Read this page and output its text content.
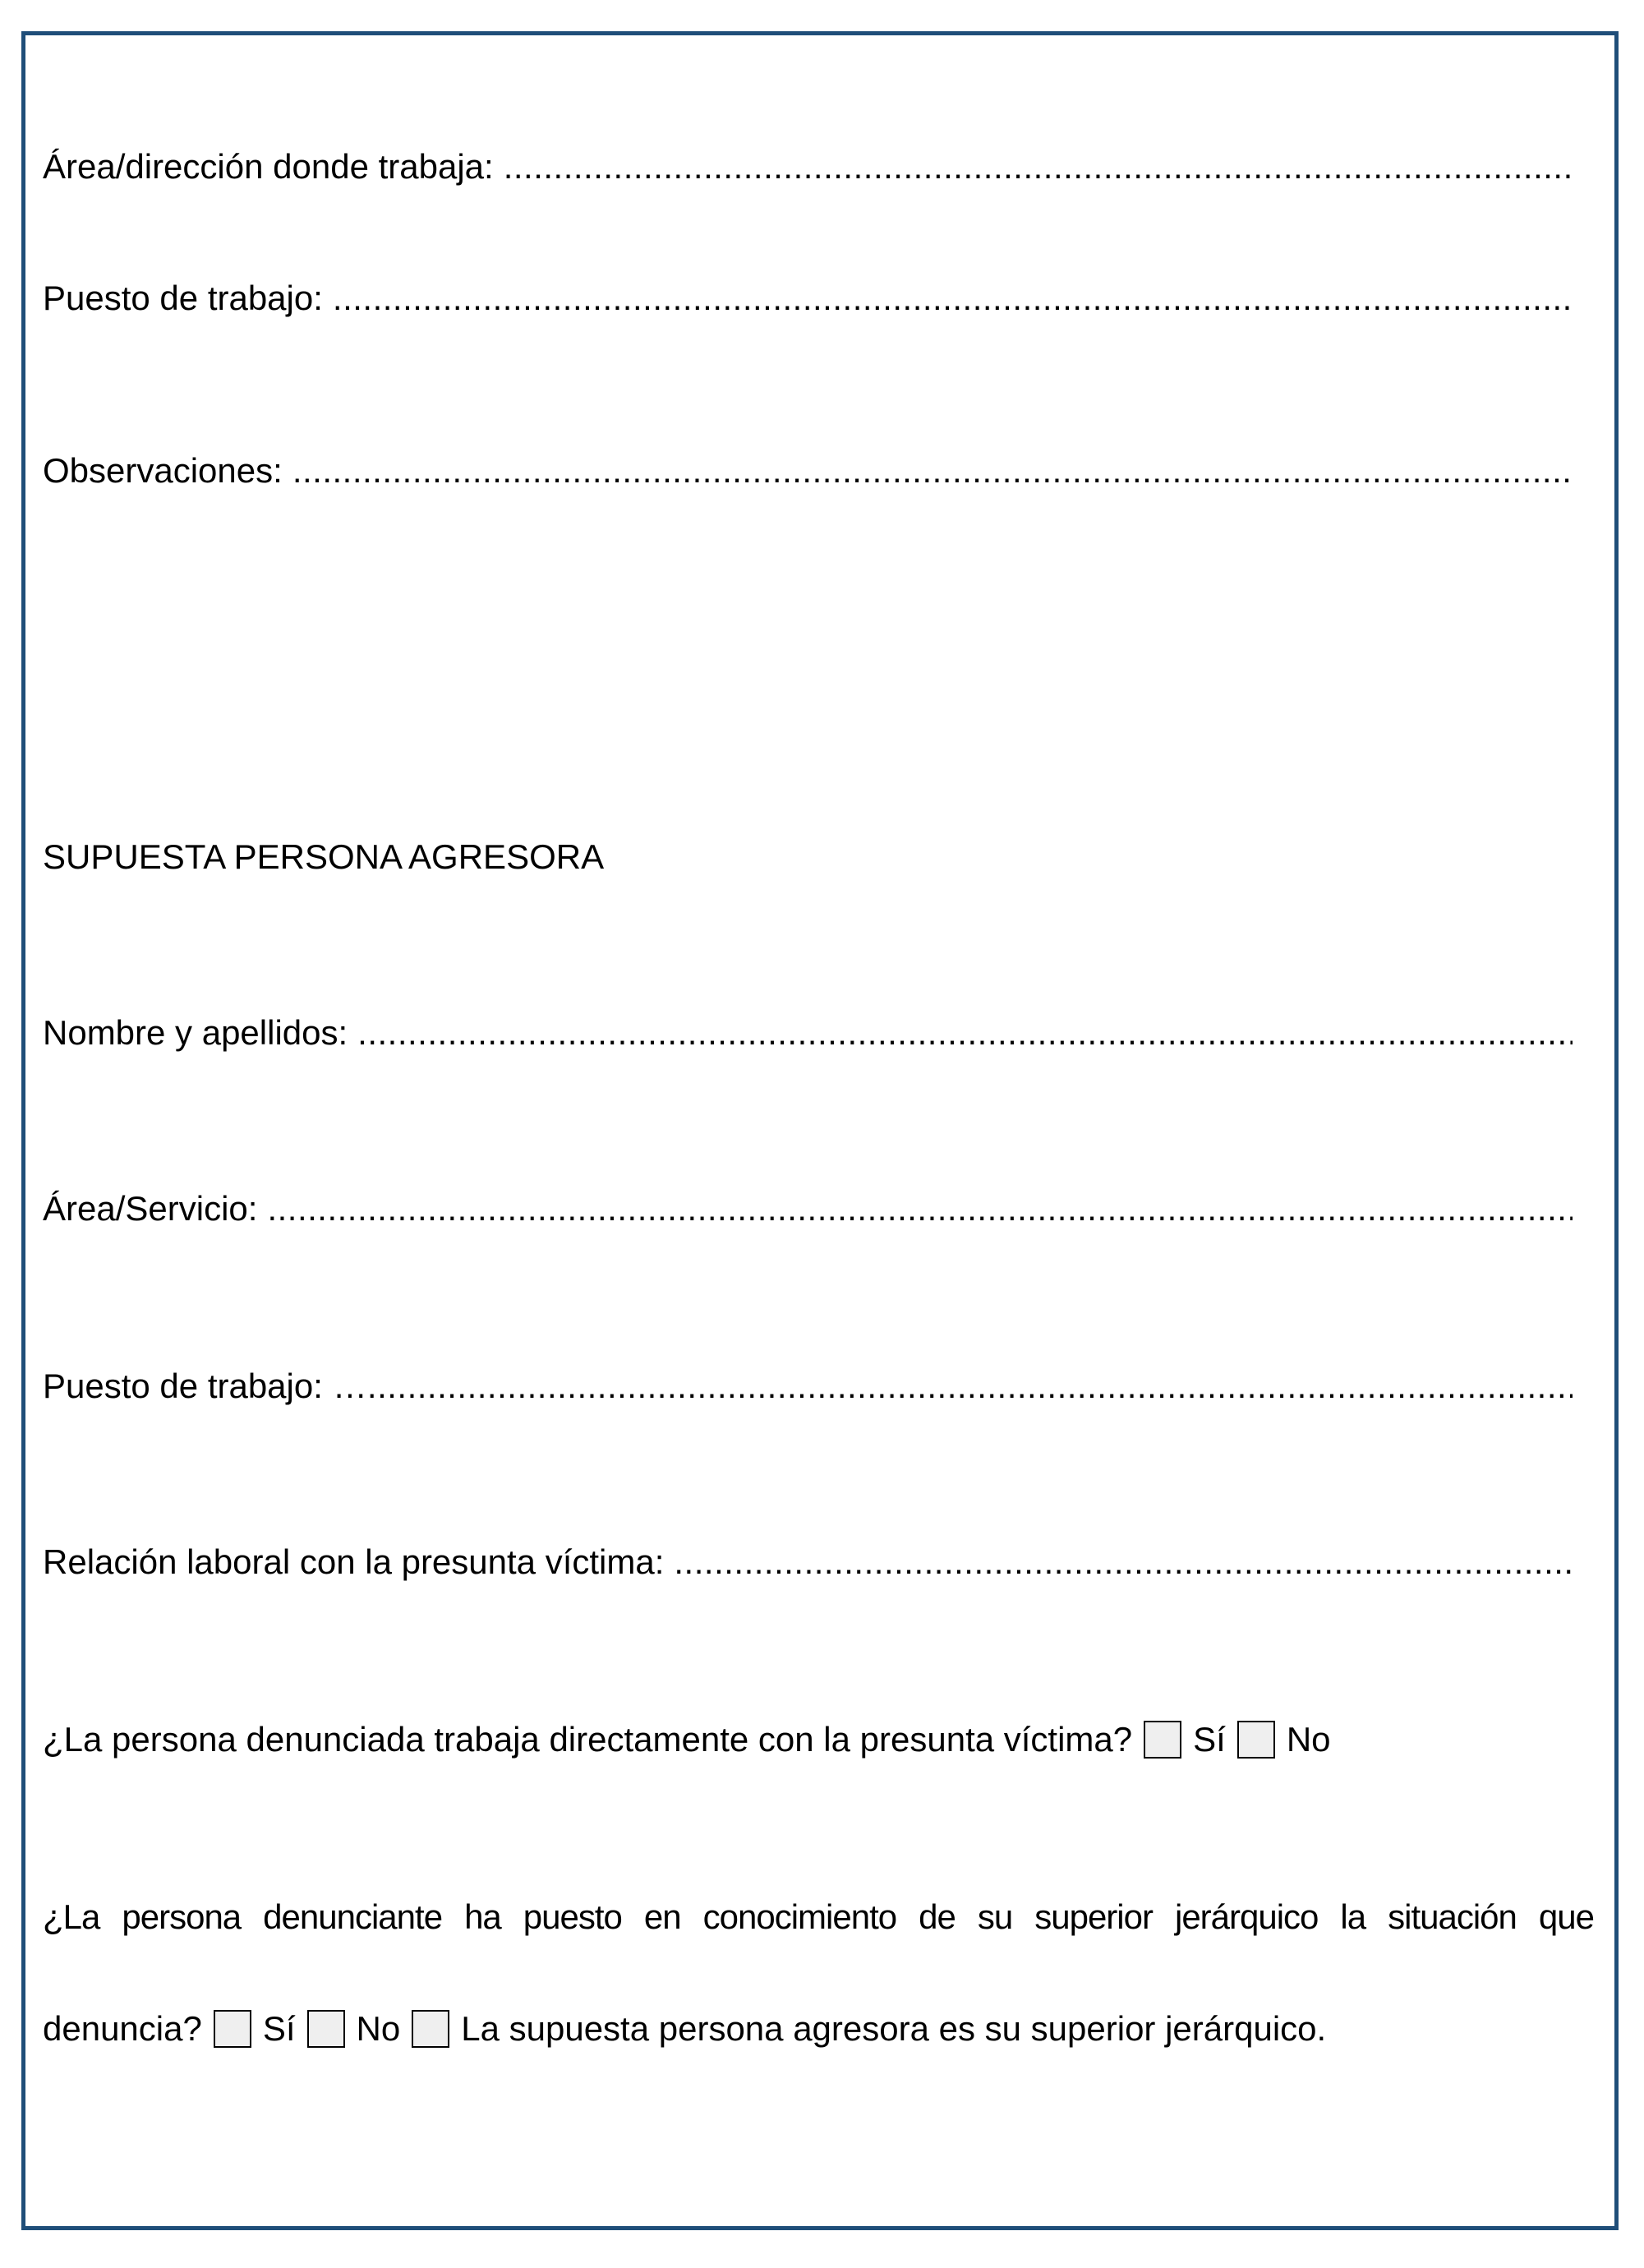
Área/dirección donde trabaja:
.....
Puesto de trabajo:
.....
Observaciones:
.....
SUPUESTA PERSONA AGRESORA
Nombre y apellidos:
.....
Área/Servicio:
.....
Puesto de trabajo: …
.....
Relación laboral con la presunta víctima:
.....
¿La persona denunciada trabaja directamente con la presunta víctima? Sí No
¿La persona denunciante ha puesto en conocimiento de su superior jerárquico la situación que
denuncia? Sí No La supuesta persona agresora es su superior jerárquico.
